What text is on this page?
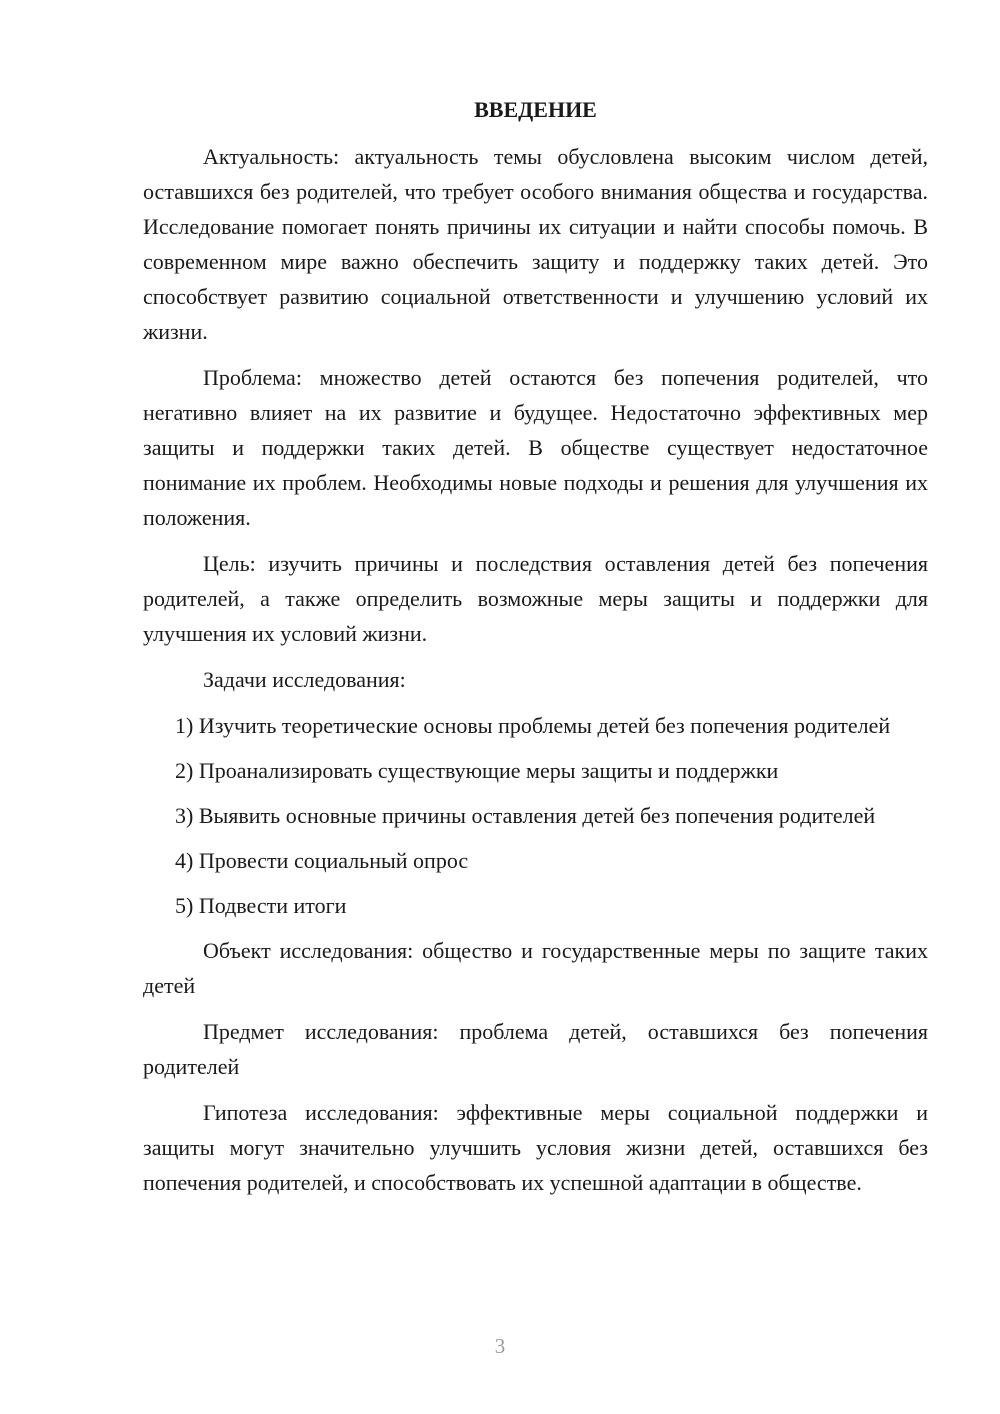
ВВЕДЕНИЕ

Актуальность: актуальность темы обусловлена высоким числом детей, оставшихся без родителей, что требует особого внимания общества и государства. Исследование помогает понять причины их ситуации и найти способы помочь. В современном мире важно обеспечить защиту и поддержку таких детей. Это способствует развитию социальной ответственности и улучшению условий их жизни.

Проблема: множество детей остаются без попечения родителей, что негативно влияет на их развитие и будущее. Недостаточно эффективных мер защиты и поддержки таких детей. В обществе существует недостаточное понимание их проблем. Необходимы новые подходы и решения для улучшения их положения.

Цель: изучить причины и последствия оставления детей без попечения родителей, а также определить возможные меры защиты и поддержки для улучшения их условий жизни.

Задачи исследования:

1) Изучить теоретические основы проблемы детей без попечения родителей

2) Проанализировать существующие меры защиты и поддержки

3) Выявить основные причины оставления детей без попечения родителей

4) Провести социальный опрос

5) Подвести итоги

Объект исследования: общество и государственные меры по защите таких детей

Предмет исследования: проблема детей, оставшихся без попечения родителей

Гипотеза исследования: эффективные меры социальной поддержки и защиты могут значительно улучшить условия жизни детей, оставшихся без попечения родителей, и способствовать их успешной адаптации в обществе.

3
